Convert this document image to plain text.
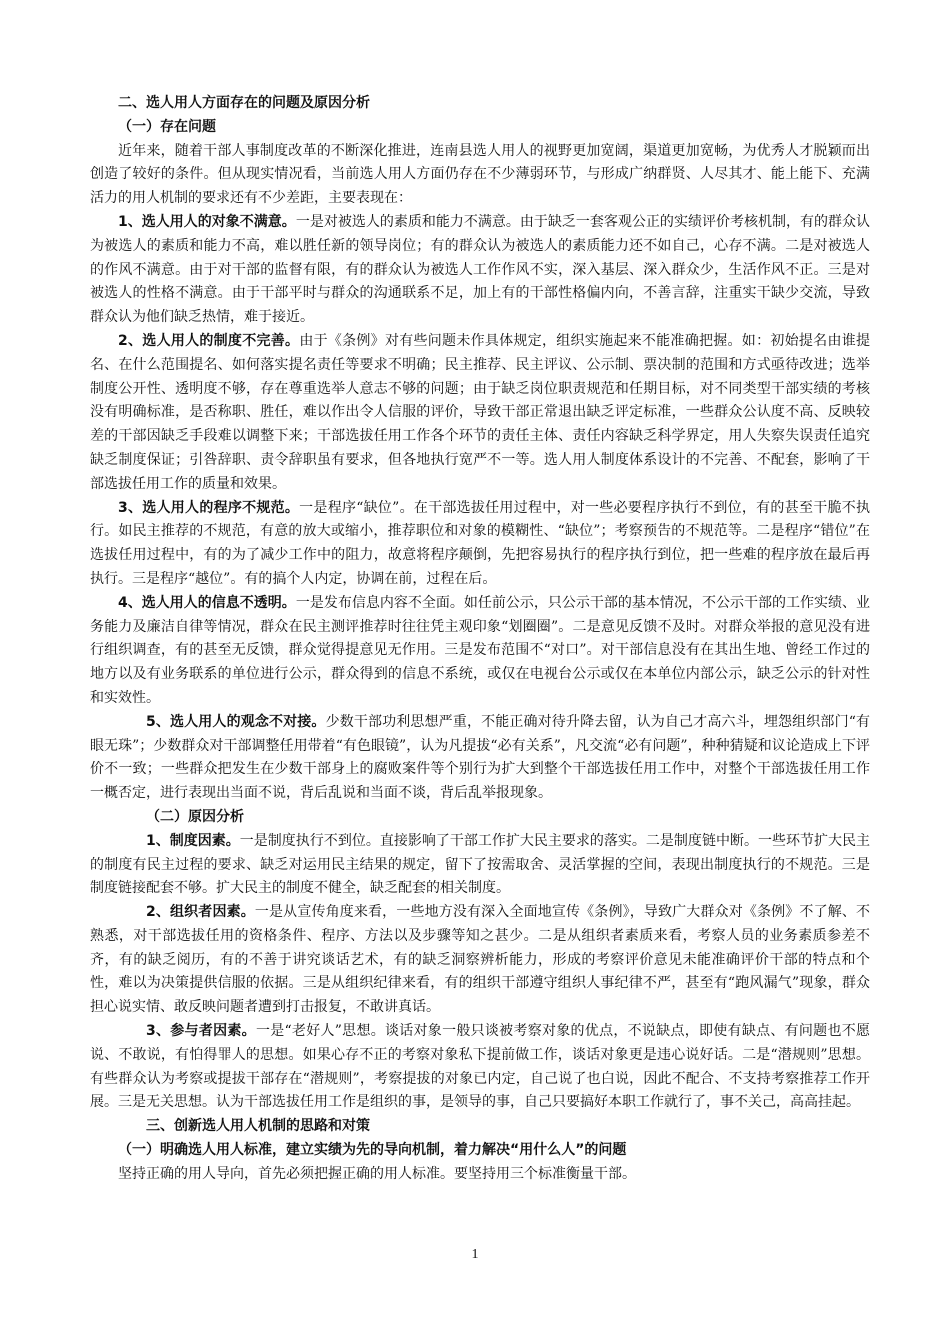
二、选人用人方面存在的问题及原因分析

（一）存在问题

近年来，随着干部人事制度改革的不断深化推进，连南县选人用人的视野更加宽阔，渠道更加宽畅，为优秀人才脱颖而出创造了较好的条件。但从现实情况看，当前选人用人方面仍存在不少薄弱环节，与形成广纳群贤、人尽其才、能上能下、充满活力的用人机制的要求还有不少差距，主要表现在：

1、选人用人的对象不满意。一是对被选人的素质和能力不满意。由于缺乏一套客观公正的实绩评价考核机制，有的群众认为被选人的素质和能力不高，难以胜任新的领导岗位；有的群众认为被选人的素质能力还不如自己，心存不满。二是对被选人的作风不满意。由于对干部的监督有限，有的群众认为被选人工作作风不实，深入基层、深入群众少，生活作风不正。三是对被选人的性格不满意。由于干部平时与群众的沟通联系不足，加上有的干部性格偏内向，不善言辞，注重实干缺少交流，导致群众认为他们缺乏热情，难于接近。

2、选人用人的制度不完善。由于《条例》对有些问题未作具体规定，组织实施起来不能准确把握。如：初始提名由谁提名、在什么范围提名、如何落实提名责任等要求不明确；民主推荐、民主评议、公示制、票决制的范围和方式亟待改进；选举制度公开性、透明度不够，存在尊重选举人意志不够的问题；由于缺乏岗位职责规范和任期目标，对不同类型干部实绩的考核没有明确标准，是否称职、胜任，难以作出令人信服的评价，导致干部正常退出缺乏评定标准，一些群众公认度不高、反映较差的干部因缺乏手段难以调整下来；干部选拔任用工作各个环节的责任主体、责任内容缺乏科学界定，用人失察失误责任追究缺乏制度保证；引咎辞职、责令辞职虽有要求，但各地执行宽严不一等。选人用人制度体系设计的不完善、不配套，影响了干部选拔任用工作的质量和效果。

3、选人用人的程序不规范。一是程序“缺位”。在干部选拔任用过程中，对一些必要程序执行不到位，有的甚至干脆不执行。如民主推荐的不规范，有意的放大或缩小，推荐职位和对象的模糊性、“缺位”；考察预告的不规范等。二是程序“错位”在选拔任用过程中，有的为了减少工作中的阻力，故意将程序颠倒，先把容易执行的程序执行到位，把一些难的程序放在最后再执行。三是程序“越位”。有的搞个人内定，协调在前，过程在后。

4、选人用人的信息不透明。一是发布信息内容不全面。如任前公示，只公示干部的基本情况，不公示干部的工作实绩、业务能力及廉洁自律等情况，群众在民主测评推荐时往往凭主观印象“划圈圈”。二是意见反馈不及时。对群众举报的意见没有进行组织调查，有的甚至无反馈，群众觉得提意见无作用。三是发布范围不“对口”。对干部信息没有在其出生地、曾经工作过的地方以及有业务联系的单位进行公示，群众得到的信息不系统，或仅在电视台公示或仅在本单位内部公示，缺乏公示的针对性和实效性。

5、选人用人的观念不对接。少数干部功利思想严重，不能正确对待升降去留，认为自己才高六斗，埋怨组织部门“有眼无珠”；少数群众对干部调整任用带着“有色眼镜”，认为凡提拔“必有关系”，凡交流“必有问题”，种种猜疑和议论造成上下评价不一致；一些群众把发生在少数干部身上的腐败案件等个别行为扩大到整个干部选拔任用工作中，对整个干部选拔任用工作一概否定，进行表现出当面不说，背后乱说和当面不谈，背后乱举报现象。

（二）原因分析

1、制度因素。一是制度执行不到位。直接影响了干部工作扩大民主要求的落实。二是制度链中断。一些环节扩大民主的制度有民主过程的要求、缺乏对运用民主结果的规定，留下了按需取舍、灵活掌握的空间，表现出制度执行的不规范。三是制度链接配套不够。扩大民主的制度不健全，缺乏配套的相关制度。

2、组织者因素。一是从宣传角度来看，一些地方没有深入全面地宣传《条例》，导致广大群众对《条例》不了解、不熟悉，对干部选拔任用的资格条件、程序、方法以及步骤等知之甚少。二是从组织者素质来看，考察人员的业务素质参差不齐，有的缺乏阅历，有的不善于讲究谈话艺术，有的缺乏洞察辨析能力，形成的考察评价意见未能准确评价干部的特点和个性，难以为决策提供信服的依据。三是从组织纪律来看，有的组织干部遵守组织人事纪律不严，甚至有“跑风漏气”现象，群众担心说实情、敢反映问题者遭到打击报复，不敢讲真话。

3、参与者因素。一是“老好人”思想。谈话对象一般只谈被考察对象的优点，不说缺点，即使有缺点、有问题也不愿说、不敢说，有怕得罪人的思想。如果心存不正的考察对象私下提前做工作，谈话对象更是违心说好话。二是“潜规则”思想。有些群众认为考察或提拔干部存在“潜规则”，考察提拔的对象已内定，自己说了也白说，因此不配合、不支持考察推荐工作开展。三是无关思想。认为干部选拔任用工作是组织的事，是领导的事，自己只要搞好本职工作就行了，事不关己，高高挂起。

三、创新选人用人机制的思路和对策

（一）明确选人用人标准，建立实绩为先的导向机制，着力解决“用什么人”的问题

坚持正确的用人导向，首先必须把握正确的用人标准。要坚持用三个标准衡量干部。

1
